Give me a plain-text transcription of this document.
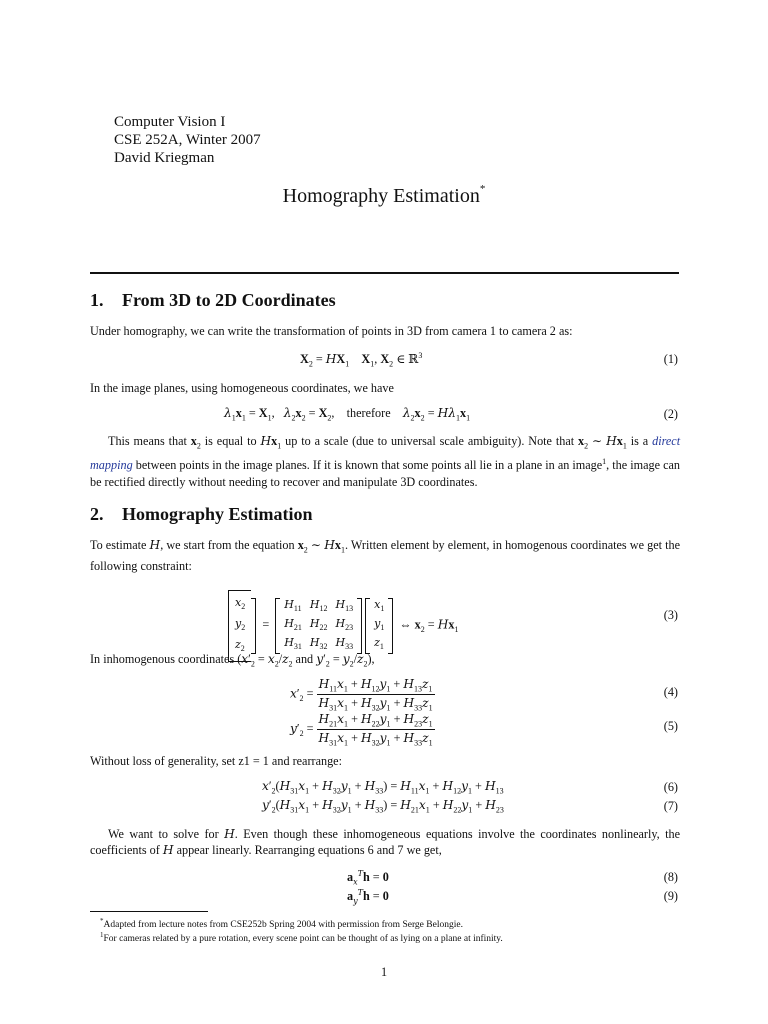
Computer Vision I
CSE 252A, Winter 2007
David Kriegman
Homography Estimation*
1. From 3D to 2D Coordinates
Under homography, we can write the transformation of points in 3D from camera 1 to camera 2 as:
$X_2 = HX_1$ $X_1$, $X_2$ ∈ ℝ$^3$	(1)
In the image planes, using homogeneous coordinates, we have
$\lambda_1x_1 = X_1$,   $\lambda_2x_2 = X_2$,    therefore $\lambda_2x_2 = H\lambda_1x_1$	(2)
This means that $x_2$ is equal to $Hx_1$ up to a scale (due to universal scale ambiguity). Note that $x_2$ ∼ $Hx_1$ is a direct mapping between points in the image planes. If it is known that some points all lie in a plane in an image$^1$, the image can be rectified directly without needing to recover and manipulate 3D coordinates.
2. Homography Estimation
To estimate H, we start from the equation $x_2$ ∼ $Hx_1$. Written element by element, in homogenous coordinates we get the following constraint:
$x_2$
$y_2$
$z_2$
=
$H_{11}$	$H_{12}$	$H_{13}$
$H_{21}$	$H_{22}$	$H_{23}$
$H_{31}$	$H_{32}$	$H_{33}$

$x_1$
$y_1$
$z_1$
⇔ $x_2 = Hx_1$
(3)
In inhomogenous coordinates ($x'_2 = x_2/z_2$ and $y'_2 = y_2/z_2$),
$x'_2 = \frac{H_{11}x_1 + H_{12}y_1 + H_{13}z_1}{H_{31}x_1 + H_{32}y_1 + H_{33}z_1}$	(4)
$y'_2 = \frac{H_{21}x_1 + H_{22}y_1 + H_{23}z_1}{H_{31}x_1 + H_{32}y_1 + H_{33}z_1}$	(5)
Without loss of generality, set z1 = 1 and rearrange:
$x'_2(H_{31}x_1 + H_{32}y_1 + H_{33}) = H_{11}x_1 + H_{12}y_1 + H_{13}$	(6)
$y'_2(H_{31}x_1 + H_{32}y_1 + H_{33}) = H_{21}x_1 + H_{22}y_1 + H_{23}$	(7)
We want to solve for H. Even though these inhomogeneous equations involve the coordinates nonlinearly, the coefficients of H appear linearly. Rearranging equations 6 and 7 we get,
$a_x^Th = 0$	(8)
$a_y^Th = 0$	(9)
*Adapted from lecture notes from CSE252b Spring 2004 with permission from Serge Belongie.
$^1$For cameras related by a pure rotation, every scene point can be thought of as lying on a plane at infinity.
1
